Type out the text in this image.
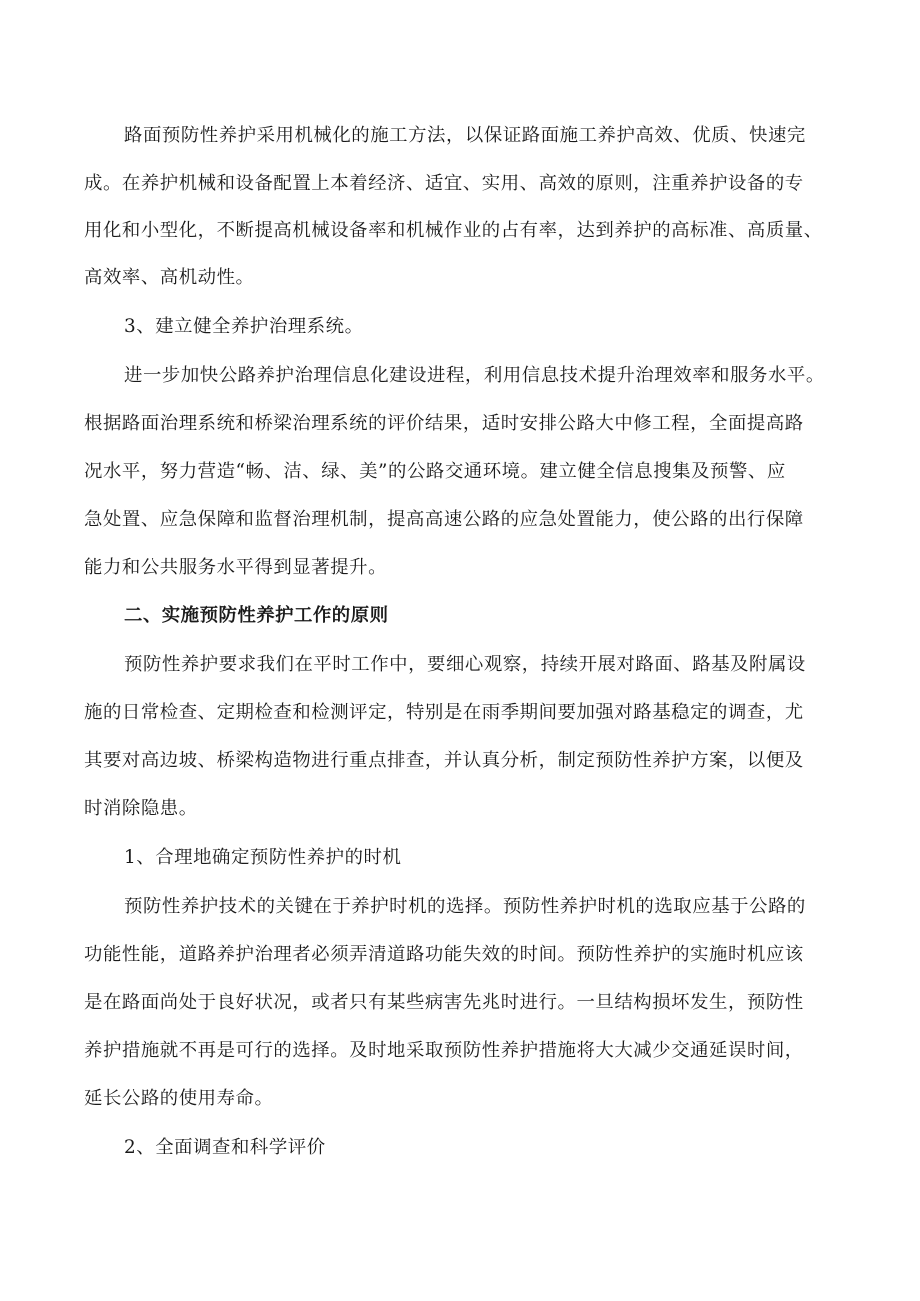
路面预防性养护采用机械化的施工方法，以保证路面施工养护高效、优质、快速完
成。在养护机械和设备配置上本着经济、适宜、实用、高效的原则，注重养护设备的专
用化和小型化，不断提高机械设备率和机械作业的占有率，达到养护的高标准、高质量、
高效率、高机动性。
3、建立健全养护治理系统。
进一步加快公路养护治理信息化建设进程，利用信息技术提升治理效率和服务水平。
根据路面治理系统和桥梁治理系统的评价结果，适时安排公路大中修工程，全面提高路
况水平，努力营造“畅、洁、绿、美”的公路交通环境。建立健全信息搜集及预警、应
急处置、应急保障和监督治理机制，提高高速公路的应急处置能力，使公路的出行保障
能力和公共服务水平得到显著提升。
二、实施预防性养护工作的原则
预防性养护要求我们在平时工作中，要细心观察，持续开展对路面、路基及附属设
施的日常检查、定期检查和检测评定，特别是在雨季期间要加强对路基稳定的调查，尤
其要对高边坡、桥梁构造物进行重点排查，并认真分析，制定预防性养护方案，以便及
时消除隐患。
1、合理地确定预防性养护的时机
预防性养护技术的关键在于养护时机的选择。预防性养护时机的选取应基于公路的
功能性能，道路养护治理者必须弄清道路功能失效的时间。预防性养护的实施时机应该
是在路面尚处于良好状况，或者只有某些病害先兆时进行。一旦结构损坏发生，预防性
养护措施就不再是可行的选择。及时地采取预防性养护措施将大大减少交通延误时间，
延长公路的使用寿命。
2、全面调查和科学评价
